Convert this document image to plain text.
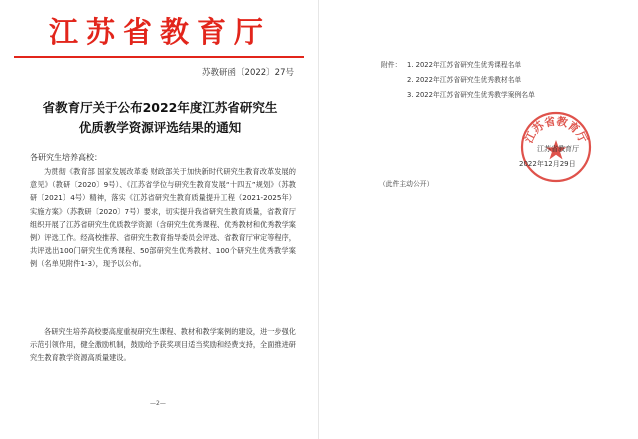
江苏省教育厅
苏教研函〔2022〕27号
省教育厅关于公布2022年度江苏省研究生
优质教学资源评选结果的通知
各研究生培养高校：
为贯彻《教育部 国家发展改革委 财政部关于加快新时代研究生教育改革发展的意见》（教研〔2020〕9号）、《江苏省学位与研究生教育发展“十四五”规划》（苏教研〔2021〕4号）精神，落实《江苏省研究生教育质量提升工程（2021-2025年）实施方案》（苏教研〔2020〕7号）要求，切实提升我省研究生教育质量，省教育厅组织开展了江苏省研究生优质教学资源（含研究生优秀课程、优秀教材和优秀教学案例）评选工作。经高校推荐、省研究生教育指导委员会评选、省教育厅审定等程序，共评选出100门研究生优秀课程、50部研究生优秀教材、100个研究生优秀教学案例（名单见附件1-3），现予以公布。
各研究生培养高校要高度重视研究生课程、教材和教学案例的建设，进一步强化示范引领作用，健全激励机制，鼓励给予获奖项目适当奖励和经费支持，全面推进研究生教育教学资源高质量建设。
—2—
附件： 1. 2022年江苏省研究生优秀课程名单
2. 2022年江苏省研究生优秀教材名单
3. 2022年江苏省研究生优秀教学案例名单
江苏省教育厅
江苏省教育厅
2022年12月29日
（此件主动公开）
